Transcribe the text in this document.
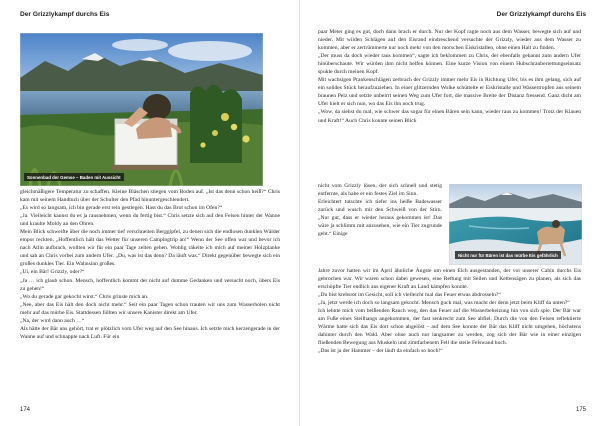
Der Grizzlykampf durchs Eis
Sonnenbad der Gemse – Baden mit Aussicht

gleichmäßigere Temperatur zu schaffen. Kleine Bläschen stiegen vom Boden auf. „Ist das denn schon heiß?“ Chris kam mit seinem Handtuch über der Schulter den Pfad hinuntergeschlendert.

„Es wird so langsam, ich bin gerade erst rein gestiegen. Hast du das Brot schon im Ofen?“

„Ja. Vielleicht kannst du es ja rausnehmen, wenn du fertig bist.“ Chris setzte sich auf den Felsen hinter der Wanne und kraulte Moldy an den Ohren.

Mein Blick schweifte über die noch immer tief verschneiten Berggipfel, zu denen sich die endlosen dunklen Wälder empor reckten. „Hoffentlich hält das Wetter für unseren Campingtrip an!“ Wenn der See offen war und bevor ich nach Atlin aufbrach, wollten wir für ein paar Tage zelten gehen. Wohlig räkelte ich mich auf meiner Holzplanke und sah an Chris vorbei zum andern Ufer. „Du, was ist das denn? Da läuft was.“ Direkt gegenüber bewegte sich ein großes dunkles Tier. Ein Wahnsinn großes.

„Ui, ein Bär! Grizzly, oder?“

„Ja … ich glaub schon. Mensch, hoffentlich kommt der nicht auf dumme Gedanken und versucht noch, übers Eis zu gehen!“

„Wo du gerade gar gekocht wirst.“ Chris grinste mich an.

„Nee, aber das Eis hält den doch nicht mehr.“ Seit ein paar Tagen schon trauten wir uns zum Wasserholen nicht mehr auf das mürbe Eis. Stattdessen füllten wir unsere Kanister direkt am Ufer.

„Na, der wird dann auch …“

Als hätte der Bär uns gehört, trat er plötzlich vom Ufer weg auf den See hinaus. Ich setzte mich kerzengerade in der Wanne auf und schnappte nach Luft. Für ein

174
Der Grizzlykampf durchs Eis
175

paar Meter ging es gut, doch dann brach er durch. Nur der Kopf ragte noch aus dem Wasser, bewegte sich auf und nieder. Mit wilden Schlägen auf den Eisrand eindreschend versuchte der Grizzly, wieder aus dem Wasser zu kommen, aber er zertrümmerte nur noch mehr von den morschen Eiskristallen, ohne einen Halt zu finden.

„Der muss da doch wieder raus kommen“, sagte ich beklommen zu Chris, der ebenfalls gebannt zum andern Ufer hinüberschaute. Wir würden ihm nicht helfen können. Eine kurze Vision von einem Hubschrauberrettungseinsatz spukte durch meinen Kopf.

Mit wachsigen Prankenschlägen zerbrach der Grizzly immer mehr Eis in Richtung Ufer, bis es ihm gelang, sich auf ein solides Stück heraufzuziehen. In einer glitzernden Wolke schüttelte er Eiskristalle und Wassertropfen aus seinem braunen Pelz und setzte unbeirrt seinen Weg zum Ufer fort, die massive Breite der Distanz fressend. Ganz dicht am Ufer hielt er sich nun, wo das Eis ihn noch trug.

„Wow, da siehst du mal, wie schwer das sogar für einen Bären sein kann, wieder raus zu kommen! Trotz der Klauen und Kraft!“ Auch Chris konnte seinen Blick

nicht vom Grizzly lösen, der sich schnell und stetig entfernte, als habe er ein festes Ziel im Sinn.

Erleichtert tutschte ich tiefer ins heiße Badewasser zurück und wusch mir den Schweiß von der Stirn. „Nur gut, dass er wieder heraus gekommen ist! Das wäre ja schlimm mit anzusehen, wie ein Tier zugrunde geht.“ Einige

Nicht nur für Bären ist das mürbe Eis gefährlich

Jahre zuvor hatten wir im April ähnliche Ängste um einen Elch ausgestanden, der vor unserer Cabin durchs Eis gebrochen war. Wir waren schon dabei gewesen, eine Rettung mit Seilen und Kettensägen zu planen, als sich das erschöpfte Tier endlich aus eigener Kraft an Land kämpfen konnte.

„Du bist krebsrot im Gesicht, soll ich vielleicht mal das Feuer etwas abdrosseln?“

„Ja, jetzt werde ich doch so langsam gekocht. Mensch guck mal, was macht der denn jetzt beim Kliff da unten?“

Ich lehnte mich vom beißenden Rauch weg, den das Feuer auf die Wasserbeheizung hin von sich spie. Der Bär war am Fuße eines Steilhangs angekommen, der fast senkrecht zum See abfiel. Durch die von den Felsen reflektierte Wärme hatte sich das Eis dort schon abgelöst – auf dem See konnte der Bär das Kliff nicht umgehen, höchstens dahinter durch den Wald. Aber ohne auch nur langsamer zu werden, zog sich der Bär wie in einer einzigen fließenden Bewegung aus Muskeln und zimtfarbenem Fell die steile Felswand hoch.

„Das ist ja der Hammer – der läuft da einfach so hoch!“
